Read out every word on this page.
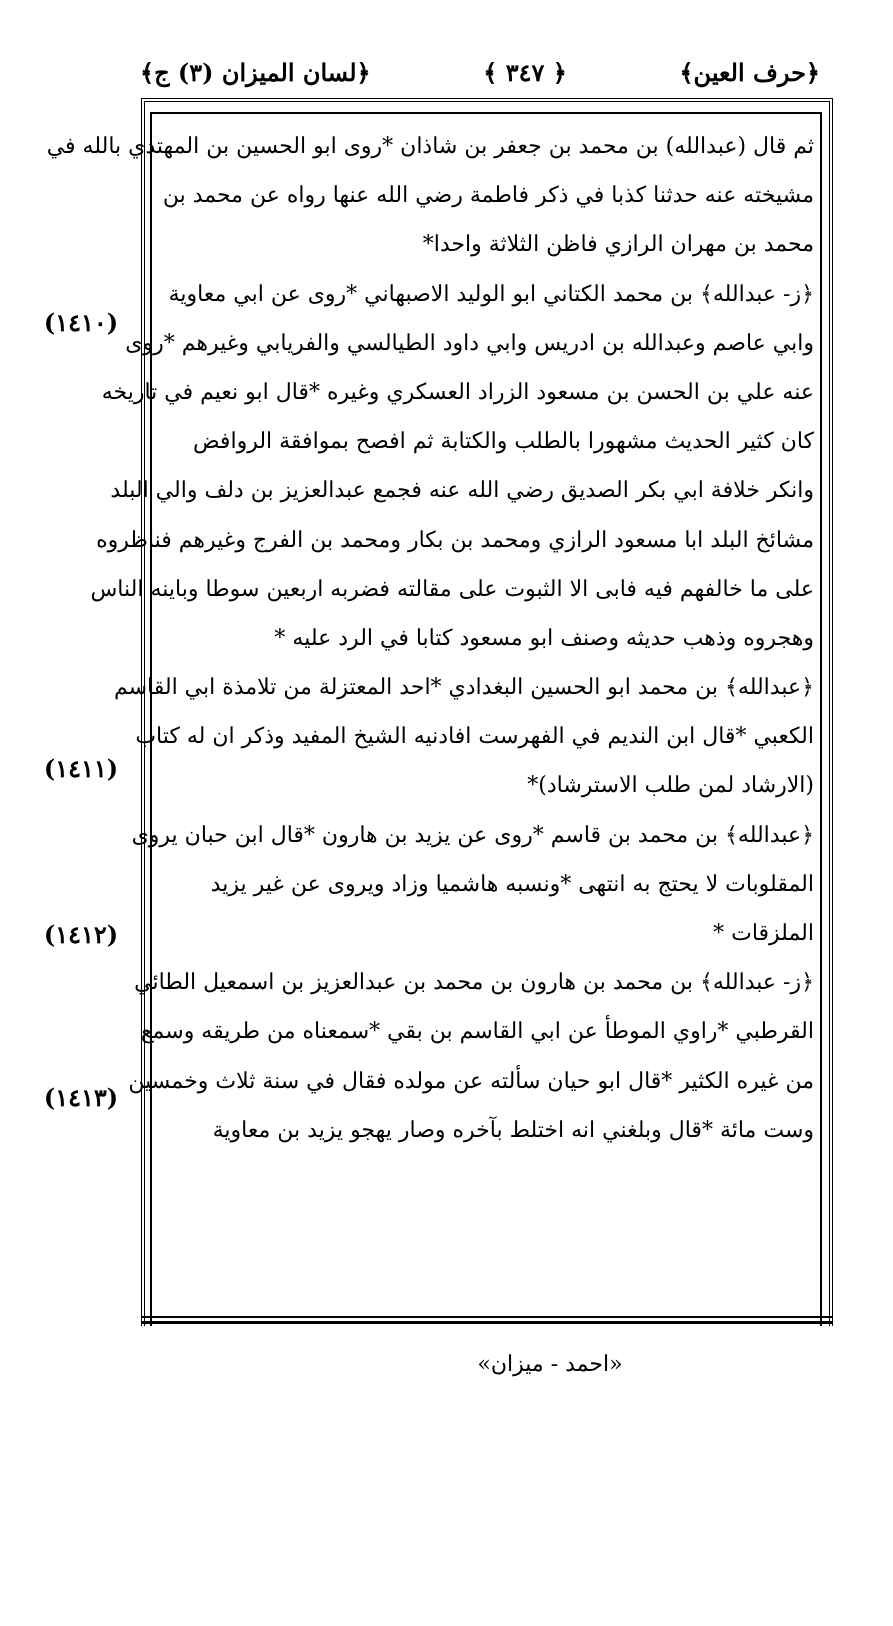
﴿حرف العين﴾
﴿ ٣٤٧ ﴾
﴿لسان الميزان (٣) ج﴾
ثم قال (عبدالله) بن محمد بن جعفر بن شاذان *روى ابو الحسين بن المهتدي بالله في
مشيخته عنه حدثنا كذبا في ذكر فاطمة رضي الله عنها رواه عن محمد بن
محمد بن مهران الرازي فاظن الثلاثة واحدا*
﴿ز- عبدالله﴾ بن محمد الكتاني ابو الوليد الاصبهاني *روى عن ابي معاوية
وابي عاصم وعبدالله بن ادريس وابي داود الطيالسي والفريابي وغيرهم *روى
عنه علي بن الحسن بن مسعود الزراد العسكري وغيره *قال ابو نعيم في تاريخه
كان كثير الحديث مشهورا بالطلب والكتابة ثم افصح بموافقة الروافض
وانكر خلافة ابي بكر الصديق رضي الله عنه فجمع عبدالعزيز بن دلف والي البلد
مشائخ البلد ابا مسعود الرازي ومحمد بن بكار ومحمد بن الفرج وغيرهم فناظروه
على ما خالفهم فيه فابى الا الثبوت على مقالته فضربه اربعين سوطا وباينه الناس
وهجروه وذهب حديثه وصنف ابو مسعود كتابا في الرد عليه *
﴿عبدالله﴾ بن محمد ابو الحسين البغدادي *احد المعتزلة من تلامذة ابي القاسم
الكعبي *قال ابن النديم في الفهرست افادنيه الشيخ المفيد وذكر ان له كتاب
(الارشاد لمن طلب الاسترشاد)*
﴿عبدالله﴾ بن محمد بن قاسم *روى عن يزيد بن هارون *قال ابن حبان يروى
المقلوبات لا يحتج به انتهى *ونسبه هاشميا وزاد ويروى عن غير يزيد
الملزقات *
﴿ز- عبدالله﴾ بن محمد بن هارون بن محمد بن عبدالعزيز بن اسمعيل الطائي
القرطبي *راوي الموطأ عن ابي القاسم بن بقي *سمعناه من طريقه وسمع
من غيره الكثير *قال ابو حيان سألته عن مولده فقال في سنة ثلاث وخمسين
وست مائة *قال وبلغني انه اختلط بآخره وصار يهجو يزيد بن معاوية
(١٤١٠)
(١٤١١)
(١٤١٢)
(١٤١٣)
«احمد - ميزان»
